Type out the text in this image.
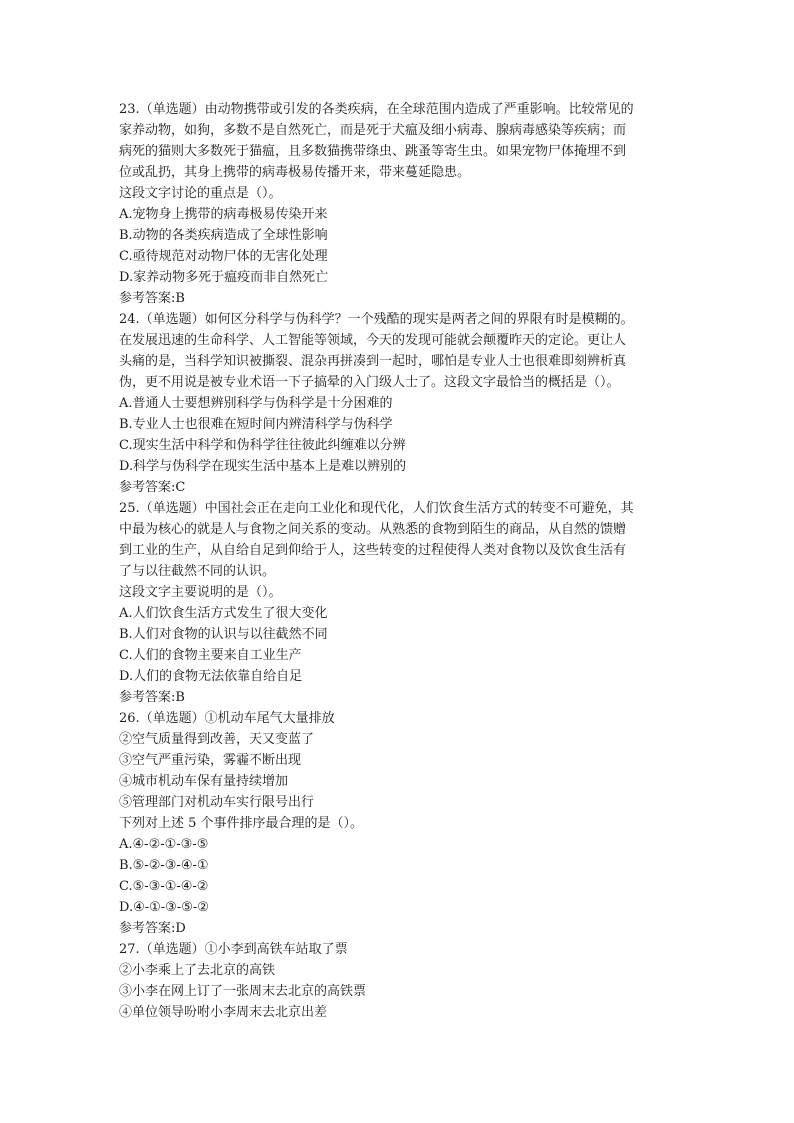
23.（单选题）由动物携带或引发的各类疾病，在全球范围内造成了严重影响。比较常见的
家养动物，如狗，多数不是自然死亡，而是死于犬瘟及细小病毒、腺病毒感染等疾病；而
病死的猫则大多数死于猫瘟，且多数猫携带绦虫、跳蚤等寄生虫。如果宠物尸体掩埋不到
位或乱扔，其身上携带的病毒极易传播开来，带来蔓延隐患。
这段文字讨论的重点是（）。
A.宠物身上携带的病毒极易传染开来
B.动物的各类疾病造成了全球性影响
C.亟待规范对动物尸体的无害化处理
D.家养动物多死于瘟疫而非自然死亡
参考答案:B
24.（单选题）如何区分科学与伪科学？一个残酷的现实是两者之间的界限有时是模糊的。
在发展迅速的生命科学、人工智能等领域，今天的发现可能就会颠覆昨天的定论。更让人
头痛的是，当科学知识被撕裂、混杂再拼凑到一起时，哪怕是专业人士也很难即刻辨析真
伪，更不用说是被专业术语一下子搞晕的入门级人士了。这段文字最恰当的概括是（）。
A.普通人士要想辨别科学与伪科学是十分困难的
B.专业人士也很难在短时间内辨清科学与伪科学
C.现实生活中科学和伪科学往往彼此纠缠难以分辨
D.科学与伪科学在现实生活中基本上是难以辨别的
参考答案:C
25.（单选题）中国社会正在走向工业化和现代化，人们饮食生活方式的转变不可避免，其
中最为核心的就是人与食物之间关系的变动。从熟悉的食物到陌生的商品，从自然的馈赠
到工业的生产，从自给自足到仰给于人，这些转变的过程使得人类对食物以及饮食生活有
了与以往截然不同的认识。
这段文字主要说明的是（）。
A.人们饮食生活方式发生了很大变化
B.人们对食物的认识与以往截然不同
C.人们的食物主要来自工业生产
D.人们的食物无法依靠自给自足
参考答案:B
26.（单选题）①机动车尾气大量排放
②空气质量得到改善，天又变蓝了
③空气严重污染，雾霾不断出现
④城市机动车保有量持续增加
⑤管理部门对机动车实行限号出行
下列对上述 5 个事件排序最合理的是（）。
A.④-②-①-③-⑤
B.⑤-②-③-④-①
C.⑤-③-①-④-②
D.④-①-③-⑤-②
参考答案:D
27.（单选题）①小李到高铁车站取了票
②小李乘上了去北京的高铁
③小李在网上订了一张周末去北京的高铁票
④单位领导吩咐小李周末去北京出差
